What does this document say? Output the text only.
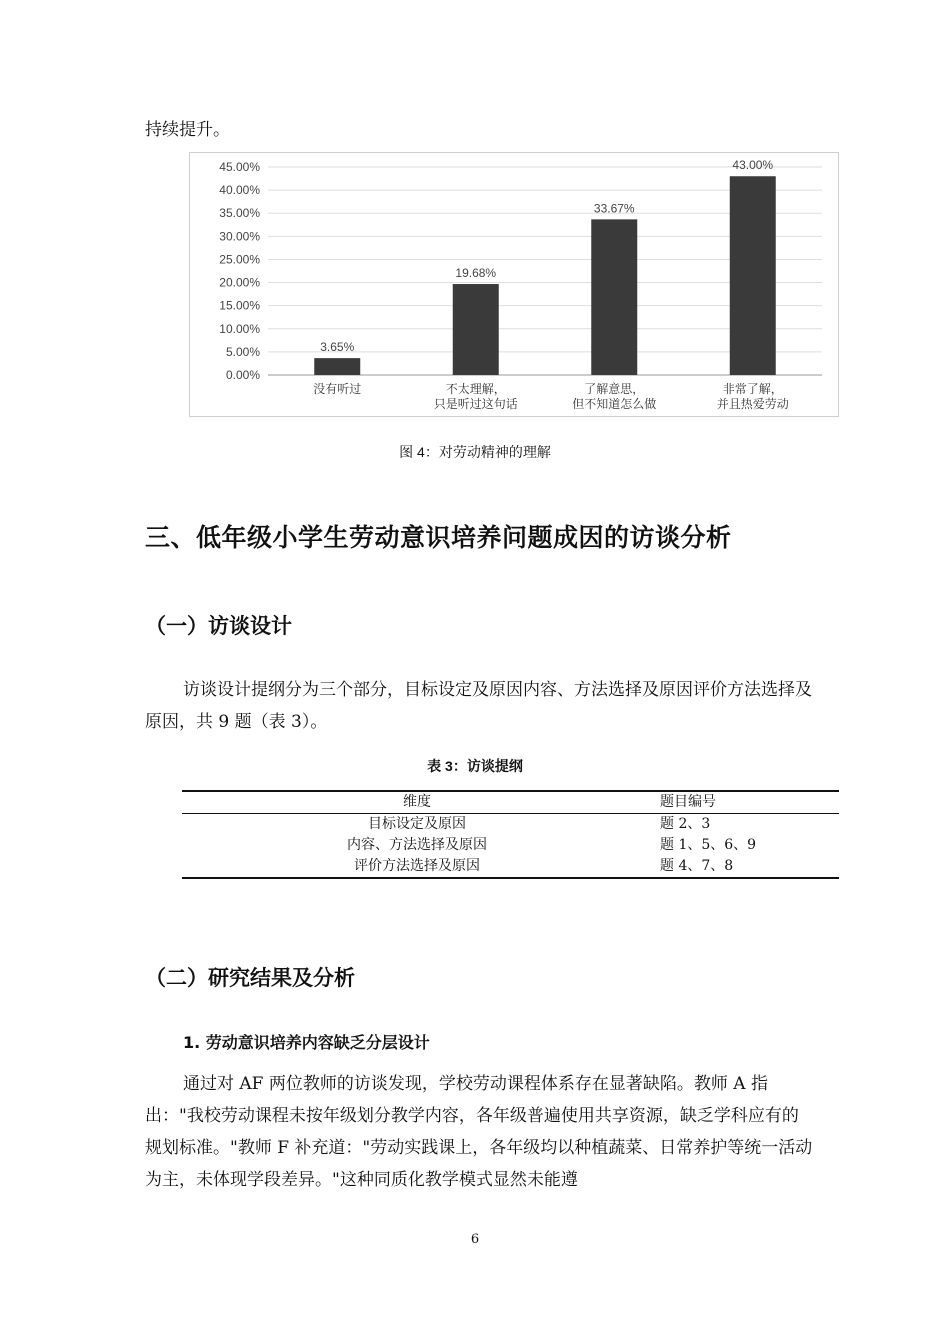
持续提升。

0.00%
5.00%
10.00%
15.00%
20.00%
25.00%
30.00%
35.00%
40.00%
45.00%
3.65%
没有听过
19.68%
不太理解，
只是听过这句话
33.67%
了解意思，
但不知道怎么做
43.00%
非常了解，
并且热爱劳动
图 4：对劳动精神的理解
三、低年级小学生劳动意识培养问题成因的访谈分析
（一）访谈设计

访谈设计提纲分为三个部分，目标设定及原因内容、方法选择及原因评价方法选择及原因，共 9 题（表 3）。

表 3：访谈提纲
维度	题目编号
目标设定及原因	题 2、3
内容、方法选择及原因	题 1、5、6、9
评价方法选择及原因	题 4、7、8
（二）研究结果及分析
1. 劳动意识培养内容缺乏分层设计

通过对 AF 两位教师的访谈发现，学校劳动课程体系存在显著缺陷。教师 A 指出："我校劳动课程未按年级划分教学内容，各年级普遍使用共享资源，缺乏学科应有的规划标准。"教师 F 补充道："劳动实践课上，各年级均以种植蔬菜、日常养护等统一活动为主，未体现学段差异。"这种同质化教学模式显然未能遵

6
